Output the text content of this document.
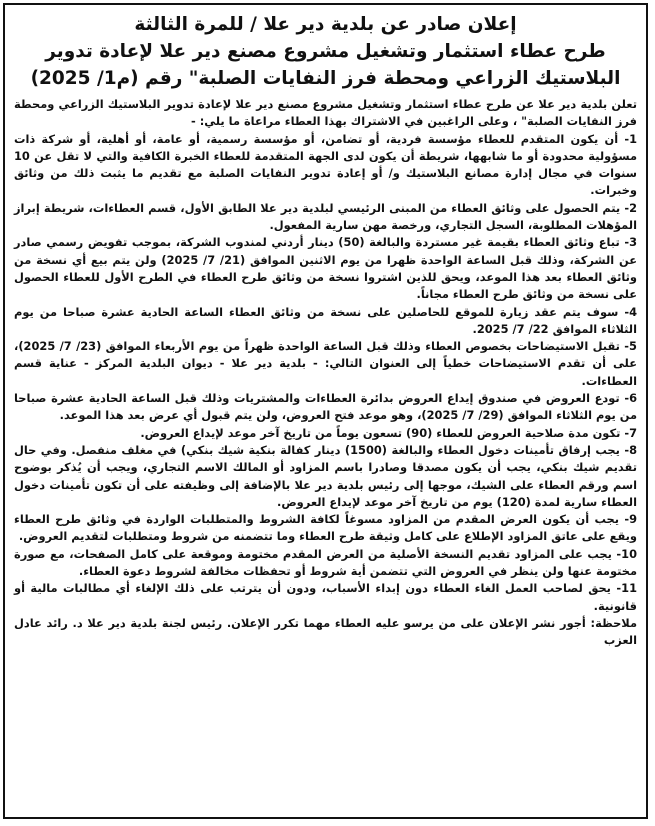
إعلان صادر عن بلدية دير علا / للمرة الثالثة
طرح عطاء استثمار وتشغيل مشروع مصنع دير علا لإعادة تدوير
البلاستيك الزراعي ومحطة فرز النفايات الصلبة" رقم (م1/ 2025)

تعلن بلدية دير علا عن طرح عطاء استثمار وتشغيل مشروع مصنع دير علا لإعادة تدوير البلاستيك الزراعي ومحطة فرز النفايات الصلبة" ، وعلى الراغبين في الاشتراك بهذا العطاء مراعاة ما يلي: -

1- أن يكون المتقدم للعطاء مؤسسة فردية، أو تضامن، أو مؤسسة رسمية، أو عامة، أو أهلية، أو شركة ذات مسؤولية محدودة أو ما شابهها، شريطة أن يكون لدى الجهة المتقدمة للعطاء الخبرة الكافية والتي لا تقل عن 10 سنوات في مجال إدارة مصانع البلاستيك و/ أو إعادة تدوير النفايات الصلبة مع تقديم ما يثبت ذلك من وثائق وخبرات.

2- يتم الحصول على وثائق العطاء من المبنى الرئيسي لبلدية دير علا الطابق الأول، قسم العطاءات، شريطة إبراز المؤهلات المطلوبة، السجل التجاري، ورخصة مهن سارية المفعول.

3- تباع وثائق العطاء بقيمة غير مستردة والبالغة (50) دينار أردني لمندوب الشركة، بموجب تفويض رسمي صادر عن الشركة، وذلك قبل الساعة الواحدة ظهرا من يوم الاثنين الموافق (21/ 7/ 2025) ولن يتم بيع أي نسخة من وثائق العطاء بعد هذا الموعد، ويحق للذين اشتروا نسخة من وثائق طرح العطاء في الطرح الأول للعطاء الحصول على نسخة من وثائق طرح العطاء مجاناً.

4- سوف يتم عقد زيارة للموقع للحاصلين على نسخة من وثائق العطاء الساعة الحادية عشرة صباحا من يوم الثلاثاء الموافق 22/ 7/ 2025.

5- تقبل الاستيضاحات بخصوص العطاء وذلك قبل الساعة الواحدة ظهراً من يوم الأربعاء الموافق (23/ 7/ 2025)، على أن تقدم الاستيضاحات خطياً إلى العنوان التالي: - بلدية دير علا - ديوان البلدية المركز - عناية قسم العطاءات.

6- تودع العروض في صندوق إيداع العروض بدائرة العطاءات والمشتريات وذلك قبل الساعة الحادية عشرة صباحا من يوم الثلاثاء الموافق (29/ 7/ 2025)، وهو موعد فتح العروض، ولن يتم قبول أي عرض بعد هذا الموعد.

7- تكون مدة صلاحية العروض للعطاء (90) تسعون يوماً من تاريخ آخر موعد لإيداع العروض.

8- يجب إرفاق تأمينات دخول العطاء والبالغة (1500) دينار كفالة بنكية شيك بنكي) في مغلف منفصل. وفي حال تقديم شيك بنكي، يجب أن يكون مصدقا وصادرا باسم المزاود أو المالك الاسم التجاري، ويجب أن يُذكر بوضوح اسم ورقم العطاء على الشيك، موجها إلى رئيس بلدية دير علا بالإضافة إلى وظيفته على أن تكون تأمينات دخول العطاء سارية لمدة (120) يوم من تاريخ آخر موعد لإيداع العروض.

9- يجب أن يكون العرض المقدم من المزاود مسوغاً لكافة الشروط والمتطلبات الواردة في وثائق طرح العطاء ويقع على عاتق المزاود الإطلاع على كامل وثيقة طرح العطاء وما تتضمنه من شروط ومتطلبات لتقديم العروض.

10- يجب على المزاود تقديم النسخة الأصلية من العرض المقدم مختومة وموقعة على كامل الصفحات، مع صورة مختومة عنها ولن ينظر في العروض التي تتضمن أية شروط أو تحفظات مخالفة لشروط دعوة العطاء.

11- يحق لصاحب العمل الغاء العطاء دون إبداء الأسباب، ودون أن يترتب على ذلك الإلغاء أي مطالبات مالية أو قانونية.

ملاحظة: أجور نشر الإعلان على من يرسو عليه العطاء مهما تكرر الإعلان. رئيس لجنة بلدية دير علا د. رائد عادل العزب
